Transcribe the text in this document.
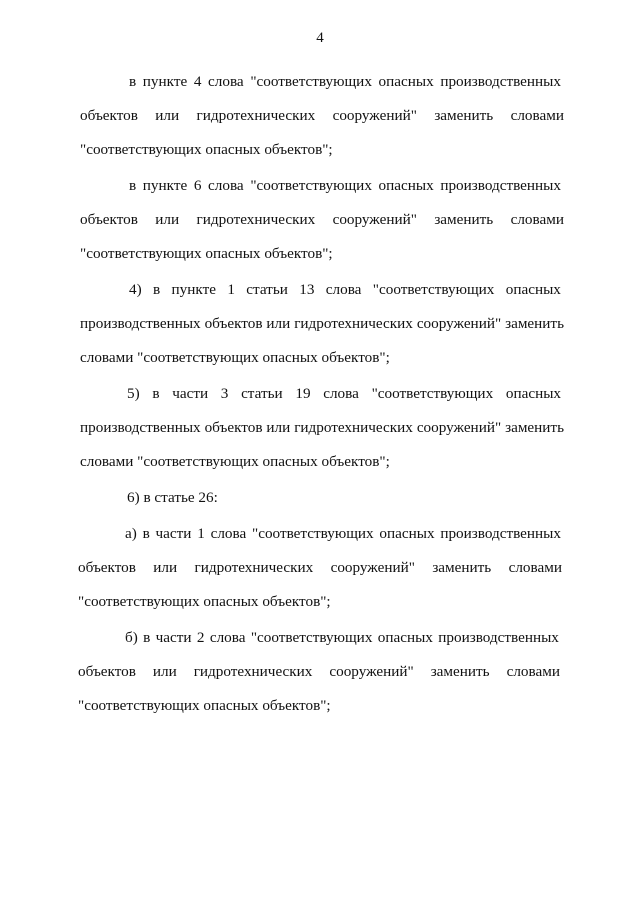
4
в пункте 4 слова "соответствующих опасных производственных
объектов или гидротехнических сооружений" заменить словами
"соответствующих опасных объектов";
в пункте 6 слова "соответствующих опасных производственных
объектов или гидротехнических сооружений" заменить словами
"соответствующих опасных объектов";
4) в пункте 1 статьи 13 слова "соответствующих опасных
производственных объектов или гидротехнических сооружений" заменить
словами "соответствующих опасных объектов";
5) в части 3 статьи 19 слова "соответствующих опасных
производственных объектов или гидротехнических сооружений" заменить
словами "соответствующих опасных объектов";
6) в статье 26:
а) в части 1 слова "соответствующих опасных производственных
объектов или гидротехнических сооружений" заменить словами
"соответствующих опасных объектов";
б) в части 2 слова "соответствующих опасных производственных
объектов или гидротехнических сооружений" заменить словами
"соответствующих опасных объектов";
